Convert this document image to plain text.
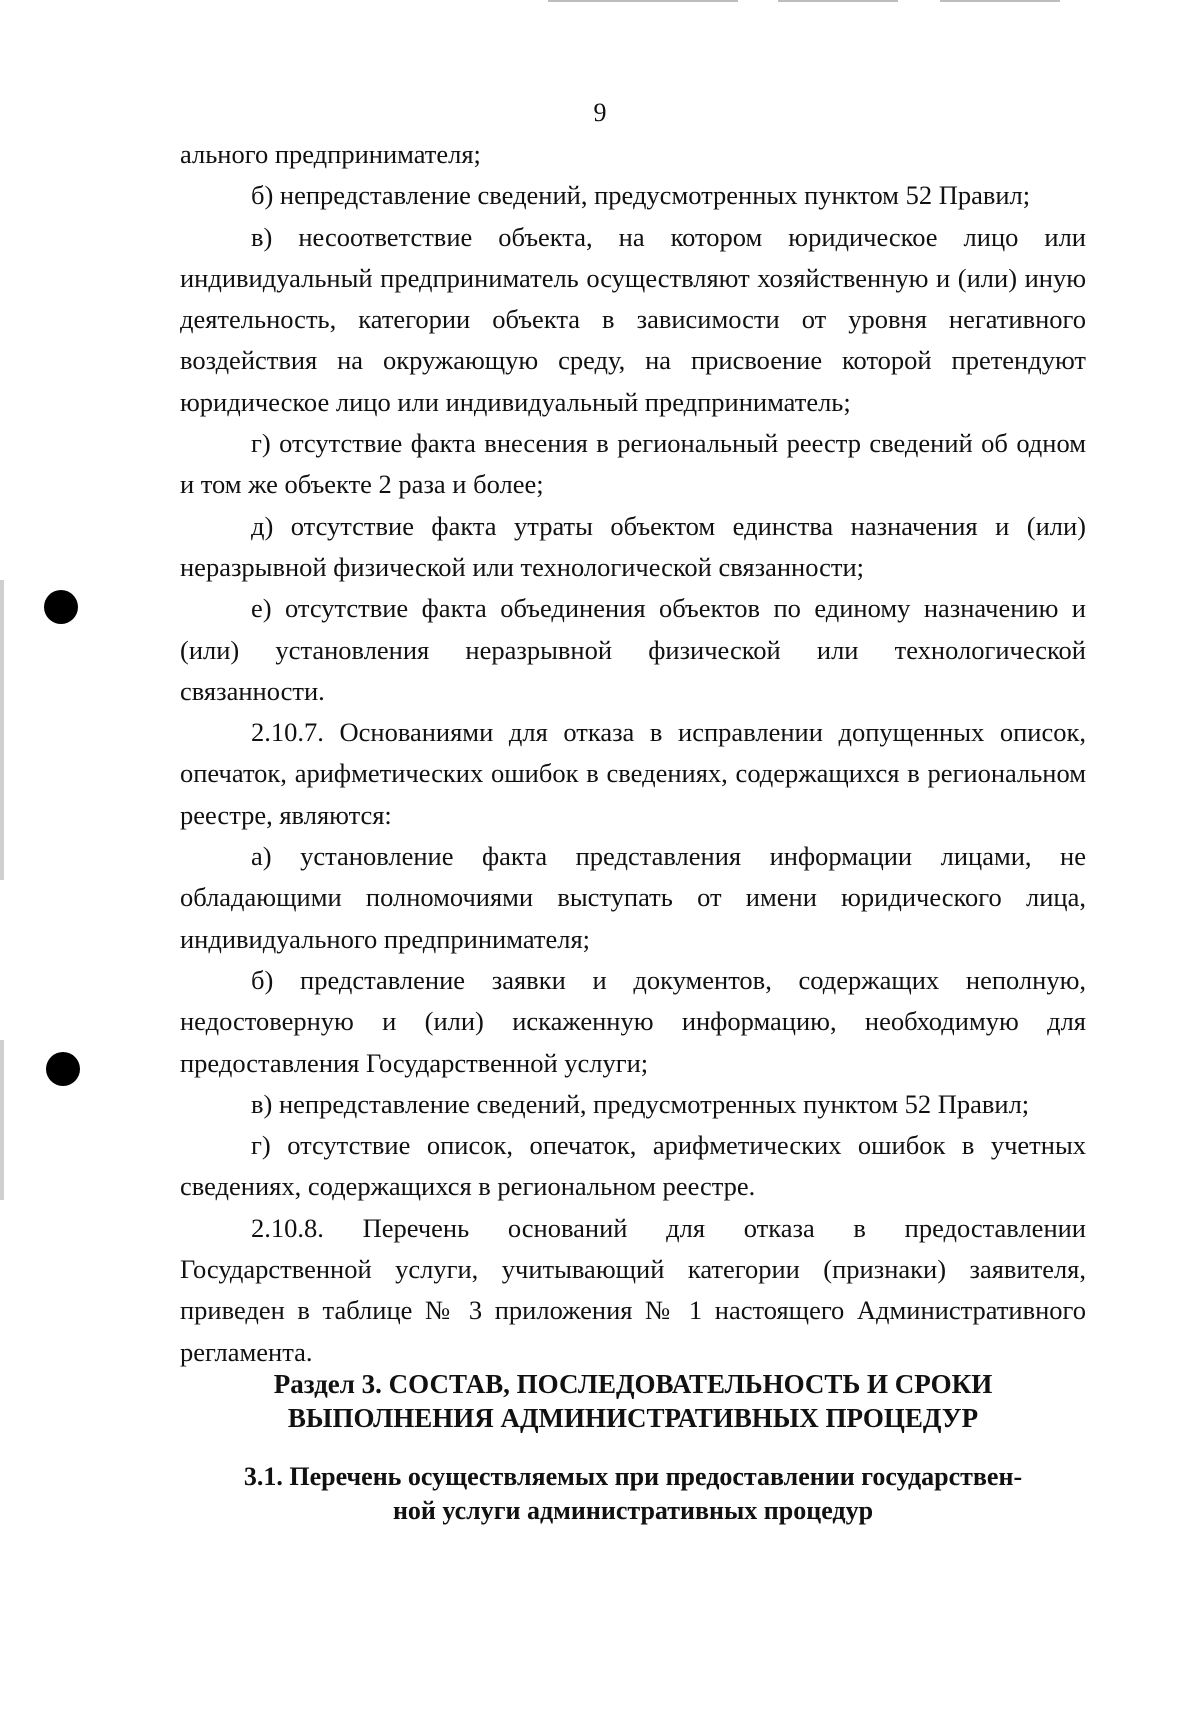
9

ального предпринимателя;

б) непредставление сведений, предусмотренных пунктом 52 Правил;

в) несоответствие объекта, на котором юридическое лицо или индивидуальный предприниматель осуществляют хозяйственную и (или) иную деятельность, категории объекта в зависимости от уровня негативного воздействия на окружающую среду, на присвоение которой претендуют юридическое лицо или индивидуальный предприниматель;

г) отсутствие факта внесения в региональный реестр сведений об одном и том же объекте 2 раза и более;

д) отсутствие факта утраты объектом единства назначения и (или) неразрывной физической или технологической связанности;

е) отсутствие факта объединения объектов по единому назначению и (или) установления неразрывной физической или технологической связанности.

2.10.7. Основаниями для отказа в исправлении допущенных описок, опечаток, арифметических ошибок в сведениях, содержащихся в региональном реестре, являются:

а) установление факта представления информации лицами, не обладающими полномочиями выступать от имени юридического лица, индивидуального предпринимателя;

б) представление заявки и документов, содержащих неполную, недостоверную и (или) искаженную информацию, необходимую для предоставления Государственной услуги;

в) непредставление сведений, предусмотренных пунктом 52 Правил;

г) отсутствие описок, опечаток, арифметических ошибок в учетных сведениях, содержащихся в региональном реестре.

2.10.8. Перечень оснований для отказа в предоставлении Государственной услуги, учитывающий категории (признаки) заявителя, приведен в таблице № 3 приложения № 1 настоящего Административного регламента.

Раздел 3. СОСТАВ, ПОСЛЕДОВАТЕЛЬНОСТЬ И СРОКИ
ВЫПОЛНЕНИЯ АДМИНИСТРАТИВНЫХ ПРОЦЕДУР
3.1. Перечень осуществляемых при предоставлении государствен-
ной услуги административных процедур
